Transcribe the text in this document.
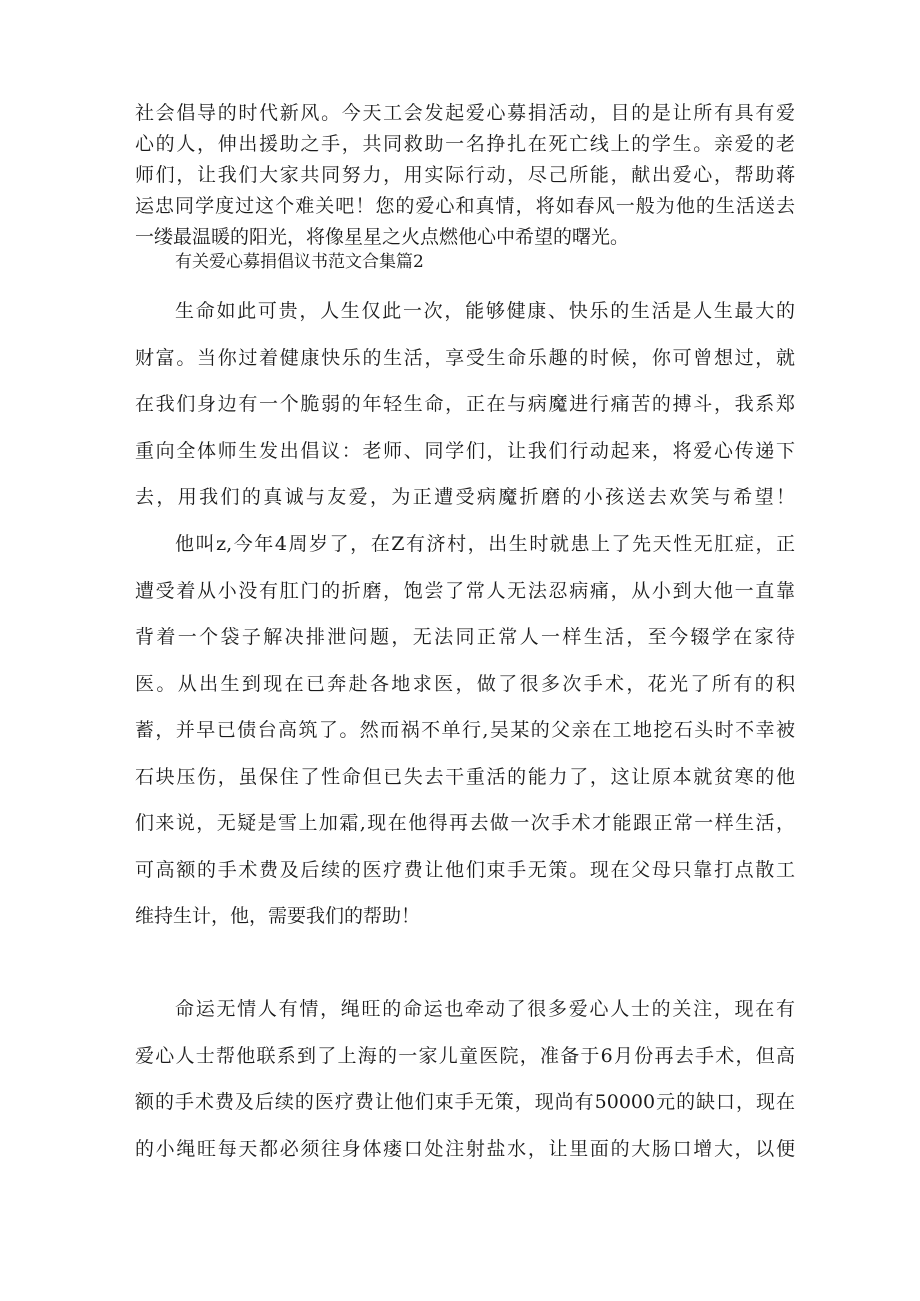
社会倡导的时代新风。今天工会发起爱心募捐活动，目的是让所有具有爱
心的人，伸出援助之手，共同救助一名挣扎在死亡线上的学生。亲爱的老
师们，让我们大家共同努力，用实际行动，尽己所能，献出爱心，帮助蒋
运忠同学度过这个难关吧！您的爱心和真情，将如春风一般为他的生活送去
一缕最温暖的阳光，将像星星之火点燃他心中希望的曙光。
有关爱心募捐倡议书范文合集篇2
生命如此可贵，人生仅此一次，能够健康、快乐的生活是人生最大的
财富。当你过着健康快乐的生活，享受生命乐趣的时候，你可曾想过，就
在我们身边有一个脆弱的年轻生命，正在与病魔进行痛苦的搏斗，我系郑
重向全体师生发出倡议：老师、同学们，让我们行动起来，将爱心传递下
去，用我们的真诚与友爱，为正遭受病魔折磨的小孩送去欢笑与希望！
他叫z,今年4周岁了，在Z有济村，出生时就患上了先天性无肛症，正
遭受着从小没有肛门的折磨，饱尝了常人无法忍病痛，从小到大他一直靠
背着一个袋子解决排泄问题，无法同正常人一样生活，至今辍学在家待
医。从出生到现在已奔赴各地求医，做了很多次手术，花光了所有的积
蓄，并早已债台高筑了。然而祸不单行,吴某的父亲在工地挖石头时不幸被
石块压伤，虽保住了性命但已失去干重活的能力了，这让原本就贫寒的他
们来说，无疑是雪上加霜,现在他得再去做一次手术才能跟正常一样生活，
可高额的手术费及后续的医疗费让他们束手无策。现在父母只靠打点散工
维持生计，他，需要我们的帮助！
命运无情人有情，绳旺的命运也牵动了很多爱心人士的关注，现在有
爱心人士帮他联系到了上海的一家儿童医院，准备于6月份再去手术，但高
额的手术费及后续的医疗费让他们束手无策，现尚有50000元的缺口，现在
的小绳旺每天都必须往身体瘘口处注射盐水，让里面的大肠口增大，以便
